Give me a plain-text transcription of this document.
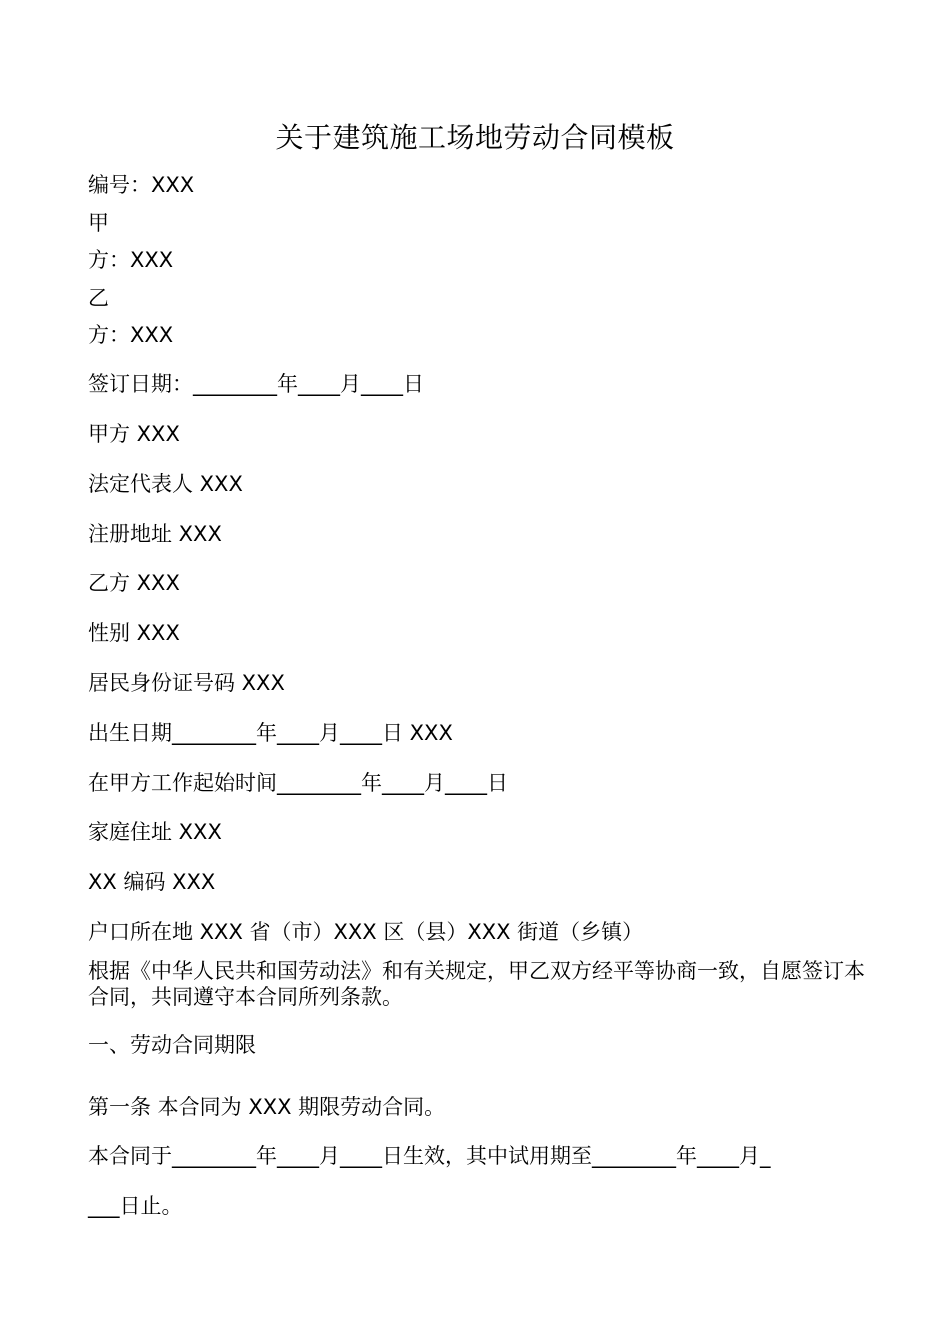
关于建筑施工场地劳动合同模板
编号：XXX
甲
方：XXX
乙
方：XXX
签订日期：________年____月____日
甲方 XXX
法定代表人 XXX
注册地址 XXX
乙方 XXX
性别 XXX
居民身份证号码 XXX
出生日期________年____月____日 XXX
在甲方工作起始时间________年____月____日
家庭住址 XXX
XX 编码 XXX
户口所在地 XXX 省（市）XXX 区（县）XXX 街道（乡镇）
根据《中华人民共和国劳动法》和有关规定，甲乙双方经平等协商一致，自愿签订本合同，共同遵守本合同所列条款。
一、劳动合同期限
第一条 本合同为 XXX 期限劳动合同。
本合同于________年____月____日生效，其中试用期至________年____月_
___日止。
